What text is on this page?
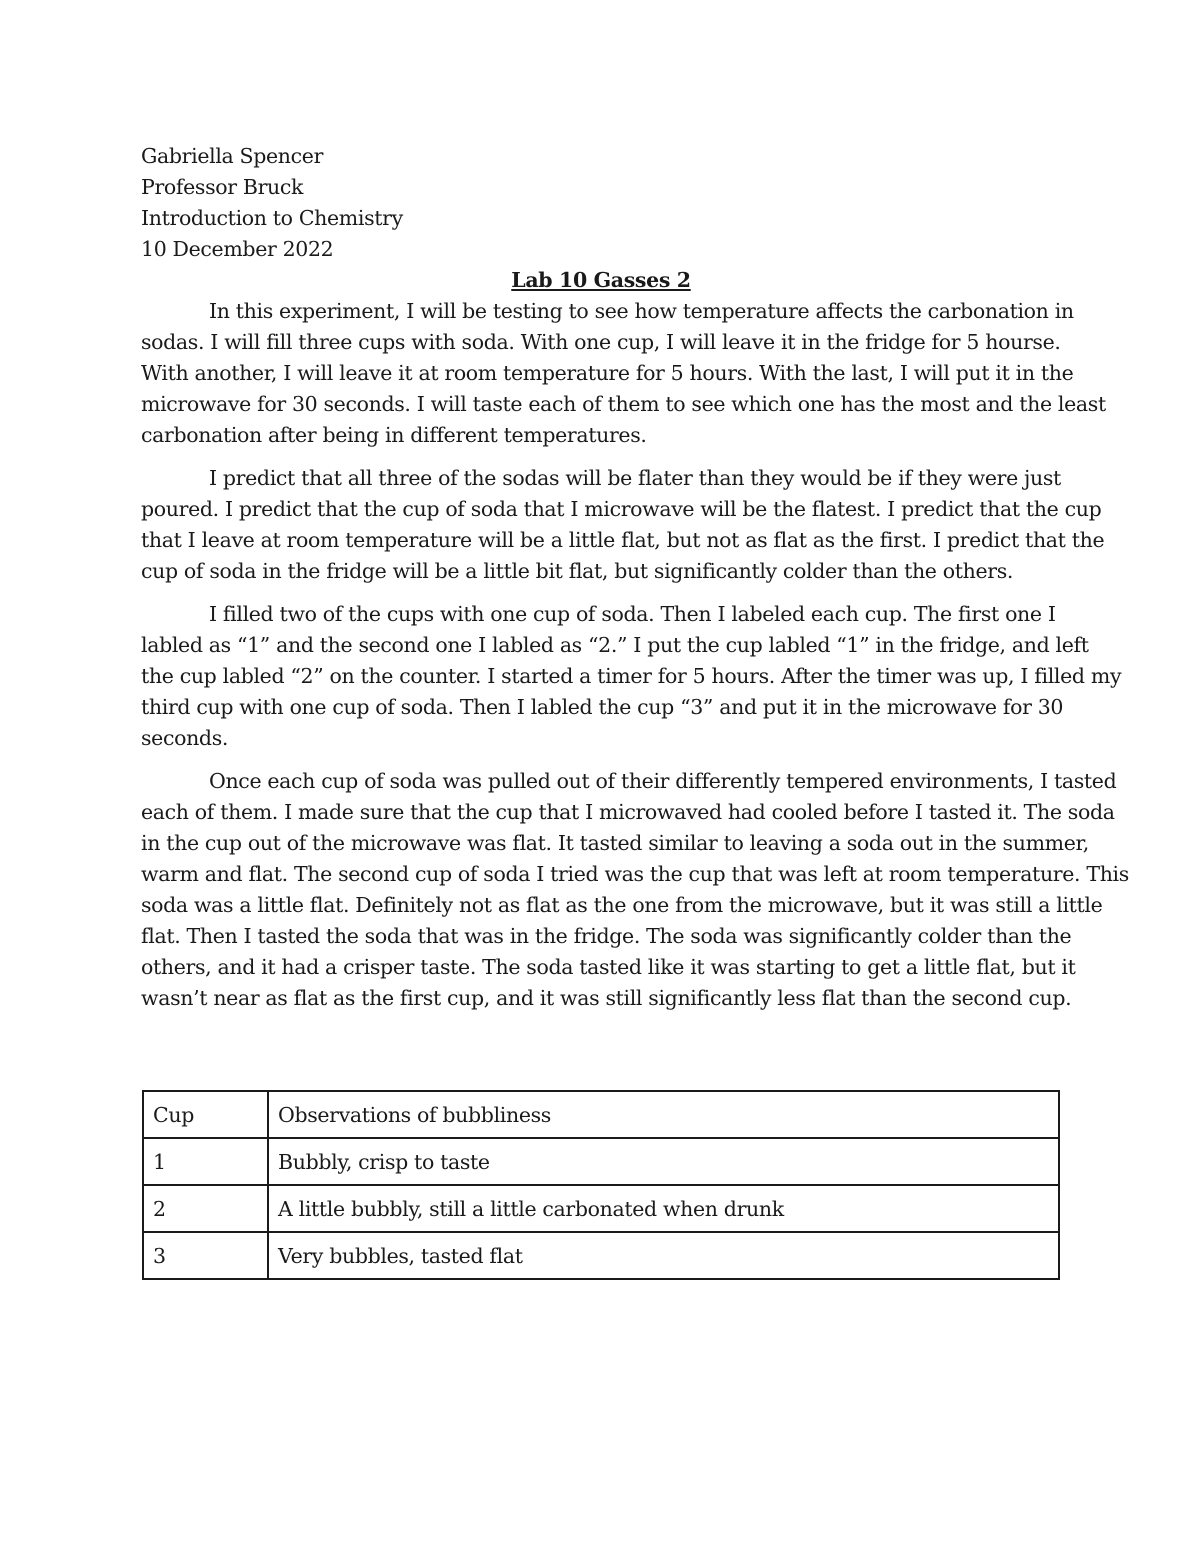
Gabriella Spencer

Professor Bruck

Introduction to Chemistry

10 December 2022

Lab 10 Gasses 2

In this experiment, I will be testing to see how temperature affects the carbonation in
sodas. I will fill three cups with soda. With one cup, I will leave it in the fridge for 5 hourse.
With another, I will leave it at room temperature for 5 hours. With the last, I will put it in the
microwave for 30 seconds. I will taste each of them to see which one has the most and the least
carbonation after being in different temperatures.

I predict that all three of the sodas will be flater than they would be if they were just
poured. I predict that the cup of soda that I microwave will be the flatest. I predict that the cup
that I leave at room temperature will be a little flat, but not as flat as the first. I predict that the
cup of soda in the fridge will be a little bit flat, but significantly colder than the others.

I filled two of the cups with one cup of soda. Then I labeled each cup. The first one I
labled as “1” and the second one I labled as “2.” I put the cup labled “1” in the fridge, and left
the cup labled “2” on the counter. I started a timer for 5 hours. After the timer was up, I filled my
third cup with one cup of soda. Then I labled the cup “3” and put it in the microwave for 30
seconds.

Once each cup of soda was pulled out of their differently tempered environments, I tasted
each of them. I made sure that the cup that I microwaved had cooled before I tasted it. The soda
in the cup out of the microwave was flat. It tasted similar to leaving a soda out in the summer,
warm and flat. The second cup of soda I tried was the cup that was left at room temperature. This
soda was a little flat. Definitely not as flat as the one from the microwave, but it was still a little
flat. Then I tasted the soda that was in the fridge. The soda was significantly colder than the
others, and it had a crisper taste. The soda tasted like it was starting to get a little flat, but it
wasn’t near as flat as the first cup, and it was still significantly less flat than the second cup.

Cup	Observations of bubbliness
1	Bubbly, crisp to taste
2	A little bubbly, still a little carbonated when drunk
3	Very bubbles, tasted flat
